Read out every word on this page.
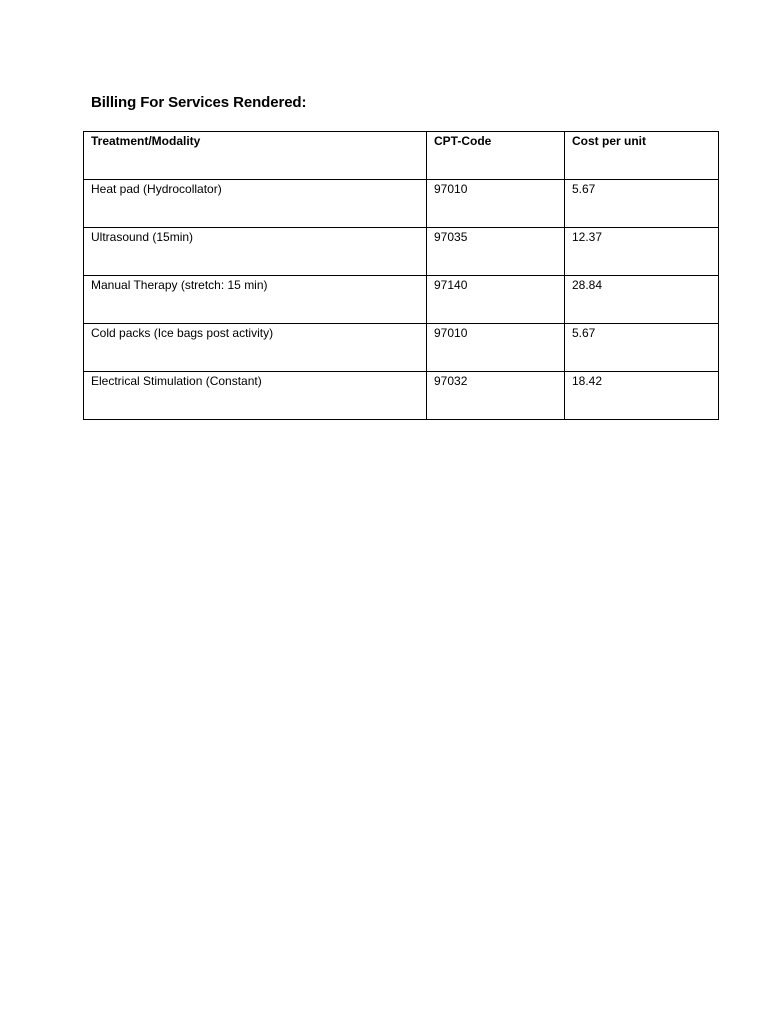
Billing For Services Rendered:
Treatment/Modality	CPT-Code	Cost per unit
Heat pad (Hydrocollator)	97010	5.67
Ultrasound (15min)	97035	12.37
Manual Therapy (stretch: 15 min)	97140	28.84
Cold packs (Ice bags post activity)	97010	5.67
Electrical Stimulation (Constant)	97032	18.42
